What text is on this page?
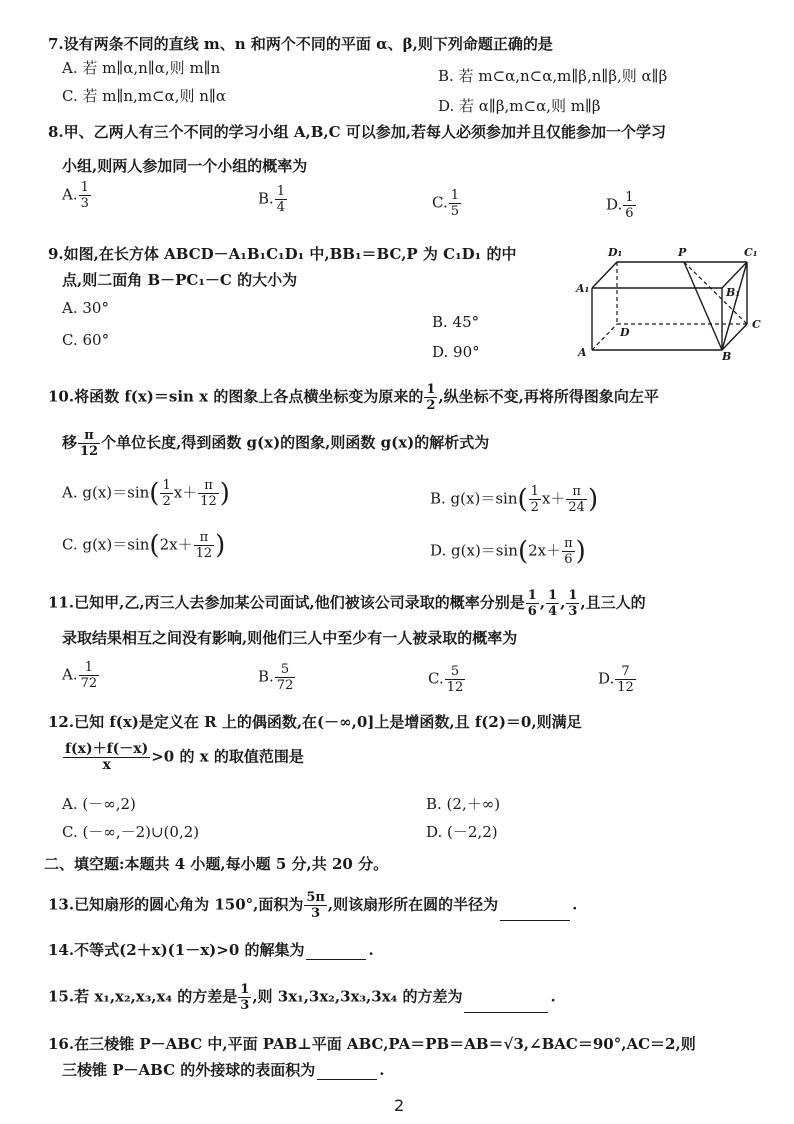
7.设有两条不同的直线 m、n 和两个不同的平面 α、β,则下列命题正确的是
A. 若 m∥α,n∥α,则 m∥n	B. 若 m⊂α,n⊂α,m∥β,n∥β,则 α∥β
C. 若 m∥n,m⊂α,则 n∥α
D. 若 α∥β,m⊂α,则 m∥β
8.甲、乙两人有三个不同的学习小组 A,B,C 可以参加,若每人必须参加并且仅能参加一个学习
小组,则两人参加同一个小组的概率为
A. $\frac{1}{3}$	B. $\frac{1}{4}$	C. $\frac{1}{5}$	D. $\frac{1}{6}$
9.如图,在长方体 ABCD－A₁B₁C₁D₁ 中,BB₁＝BC,P 为 C₁D₁ 的中
点,则二面角 B－PC₁－C 的大小为
A. 30°
B. 45°
C. 60°
D. 90°
D₁	P	C₁
A₁	B₁
D
C
A	B
10.将函数 f(x)＝sin x 的图象上各点横坐标变为原来的 $\frac{1}{2}$ ,纵坐标不变,再将所得图象向左平
移 $\frac{\pi}{12}$ 个单位长度,得到函数 g(x)的图象,则函数 g(x)的解析式为
A. $g(x)=\sin( \frac{1}{2} x+ \frac{\pi}{12}$ )	B. $g(x)=\sin( \frac{1}{2} x+ \frac{\pi}{24}$ )
C. $g(x)=\sin(2x+ \frac{\pi}{12}$ )	D. $g(x)=\sin(2x+ \frac{\pi}{6}$ )
11.已知甲,乙,丙三人去参加某公司面试,他们被该公司录取的概率分别是 $\frac{1}{6}$ , $\frac{1}{4}$ , $\frac{1}{3}$ ,且三人的
录取结果相互之间没有影响,则他们三人中至少有一人被录取的概率为
A. $\frac{1}{72}$	B. $\frac{5}{72}$	C. $\frac{5}{12}$	D. $\frac{7}{12}$
12.已知 f(x)是定义在 R 上的偶函数,在(－∞,0]上是增函数,且 f(2)＝0,则满足
$\frac{f(x)+f(-x)}{x} >0$ 的 x 的取值范围是
A. (－∞,2)	B. (2,＋∞)
C. (－∞,－2)∪(0,2)	D. (－2,2)
二、填空题:本题共 4 小题,每小题 5 分,共 20 分。
13.已知扇形的圆心角为 150°,面积为 $\frac{5\pi}{3}$ ,则该扇形所在圆的半径为	.
14.不等式(2＋x)(1－x)>0 的解集为	.
15.若 x₁,x₂,x₃,x₄ 的方差是 $\frac{1}{3}$ ,则 3x₁,3x₂,3x₃,3x₄ 的方差为	.
16.在三棱锥 P－ABC 中,平面 PAB⊥平面 ABC,PA＝PB＝AB＝√3,∠BAC＝90°,AC＝2,则
三棱锥 P－ABC 的外接球的表面积为	.
2
